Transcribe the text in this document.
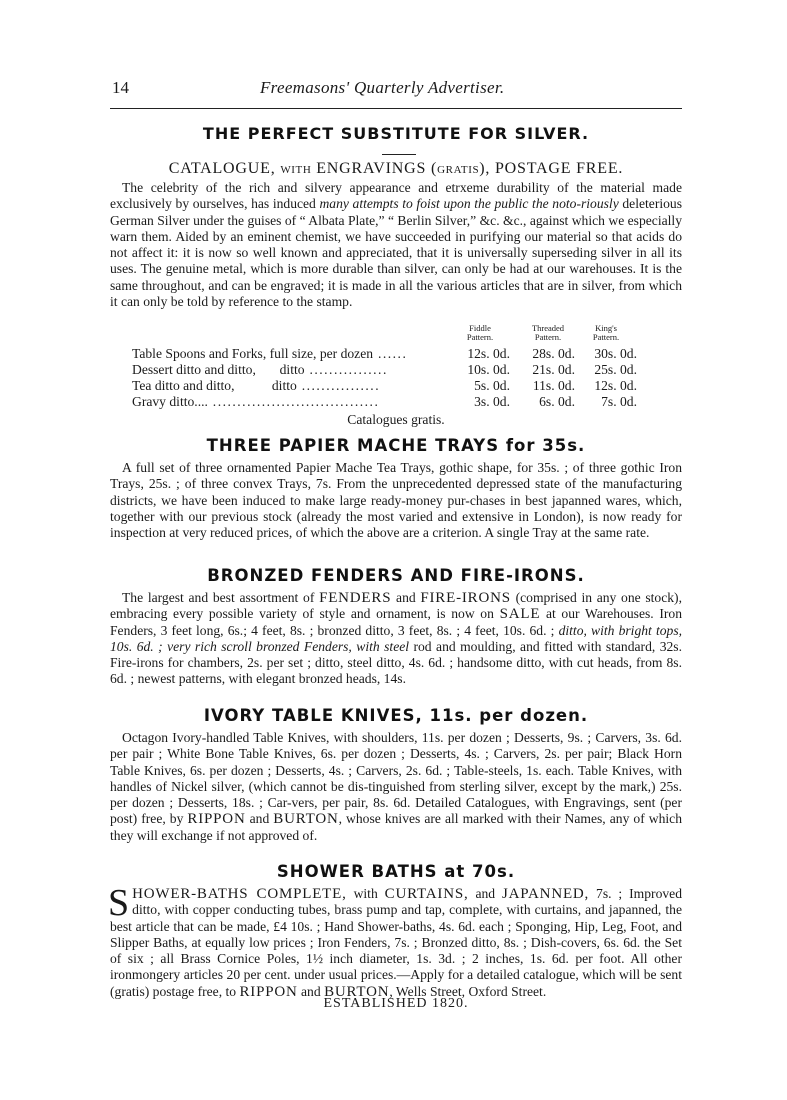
14	Freemasons' Quarterly Advertiser.
THE PERFECT SUBSTITUTE FOR SILVER.
CATALOGUE, WITH ENGRAVINGS (GRATIS), POSTAGE FREE.

The celebrity of the rich and silvery appearance and etrxeme durability of the material made exclusively by ourselves, has induced many attempts to foist upon the public the noto-riously deleterious German Silver under the guises of “ Albata Plate,” “ Berlin Silver,” &c. &c., against which we especially warn them. Aided by an eminent chemist, we have succeeded in purifying our material so that acids do not affect it: it is now so well known and appreciated, that it is universally superseding silver in all its uses. The genuine metal, which is more durable than silver, can only be had at our warehouses. It is the same throughout, and can be engraved; it is made in all the various articles that are in silver, from which it can only be told by reference to the stamp.

Fiddle
Pattern.
Threaded
Pattern.
King's
Pattern.
Table Spoons and Forks, full size, per dozen ......	12s. 0d.	28s. 0d.	30s. 0d.
Dessert ditto and ditto,       ditto ................	10s. 0d.	21s. 0d.	25s. 0d.
Tea ditto and ditto,           ditto ................	5s. 0d.	11s. 0d.	12s. 0d.
Gravy ditto.... ..................................	3s. 0d.	6s. 0d.	7s. 0d.
Catalogues gratis.
THREE PAPIER MACHE TRAYS for 35s.

A full set of three ornamented Papier Mache Tea Trays, gothic shape, for 35s. ; of three gothic Iron Trays, 25s. ; of three convex Trays, 7s. From the unprecedented depressed state of the manufacturing districts, we have been induced to make large ready-money pur-chases in best japanned wares, which, together with our previous stock (already the most varied and extensive in London), is now ready for inspection at very reduced prices, of which the above are a criterion. A single Tray at the same rate.

BRONZED FENDERS AND FIRE-IRONS.

The largest and best assortment of FENDERS and FIRE-IRONS (comprised in any one stock), embracing every possible variety of style and ornament, is now on SALE at our Warehouses. Iron Fenders, 3 feet long, 6s.; 4 feet, 8s. ; bronzed ditto, 3 feet, 8s. ; 4 feet, 10s. 6d. ; ditto, with bright tops, 10s. 6d. ; very rich scroll bronzed Fenders, with steel rod and moulding, and fitted with standard, 32s. Fire-irons for chambers, 2s. per set ; ditto, steel ditto, 4s. 6d. ; handsome ditto, with cut heads, from 8s. 6d. ; newest patterns, with elegant bronzed heads, 14s.

IVORY TABLE KNIVES, 11s. per dozen.

Octagon Ivory-handled Table Knives, with shoulders, 11s. per dozen ; Desserts, 9s. ; Carvers, 3s. 6d. per pair ; White Bone Table Knives, 6s. per dozen ; Desserts, 4s. ; Carvers, 2s. per pair; Black Horn Table Knives, 6s. per dozen ; Desserts, 4s. ; Carvers, 2s. 6d. ; Table-steels, 1s. each. Table Knives, with handles of Nickel silver, (which cannot be dis-tinguished from sterling silver, except by the mark,) 25s. per dozen ; Desserts, 18s. ; Car-vers, per pair, 8s. 6d. Detailed Catalogues, with Engravings, sent (per post) free, by RIPPON and BURTON, whose knives are all marked with their Names, any of which they will exchange if not approved of.

SHOWER BATHS at 70s.

SHOWER-BATHS COMPLETE, with CURTAINS, and JAPANNED, 7s. ; Improved ditto, with copper conducting tubes, brass pump and tap, complete, with curtains, and japanned, the best article that can be made, £4 10s. ; Hand Shower-baths, 4s. 6d. each ; Sponging, Hip, Leg, Foot, and Slipper Baths, at equally low prices ; Iron Fenders, 7s. ; Bronzed ditto, 8s. ; Dish-covers, 6s. 6d. the Set of six ; all Brass Cornice Poles, 1½ inch diameter, 1s. 3d. ; 2 inches, 1s. 6d. per foot. All other ironmongery articles 20 per cent. under usual prices.—Apply for a detailed catalogue, which will be sent (gratis) postage free, to RIPPON and BURTON, Wells Street, Oxford Street.

ESTABLISHED 1820.
